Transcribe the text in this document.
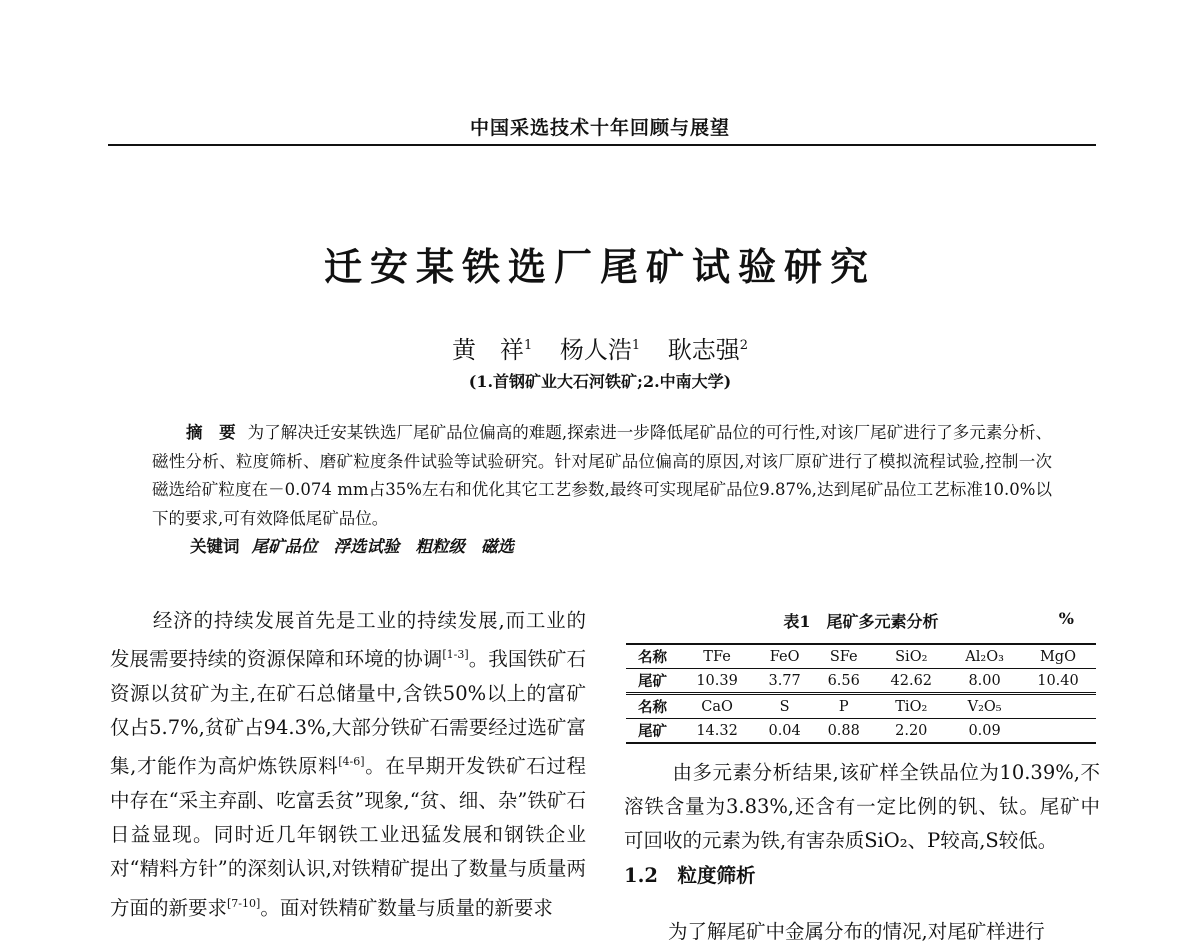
中国采选技术十年回顾与展望
迁安某铁选厂尾矿试验研究
黄　祥$^1$ 杨人浩$^1$ 耿志强$^2$
(1.首钢矿业大石河铁矿;2.中南大学)

摘　要 为了解决迁安某铁选厂尾矿品位偏高的难题,探索进一步降低尾矿品位的可行性,对该厂尾矿进行了多元素分析、磁性分析、粒度筛析、磨矿粒度条件试验等试验研究。针对尾矿品位偏高的原因,对该厂原矿进行了模拟流程试验,控制一次磁选给矿粒度在－0.074 mm占35%左右和优化其它工艺参数,最终可实现尾矿品位9.87%,达到尾矿品位工艺标准10.0%以下的要求,可有效降低尾矿品位。

关键词 尾矿品位 浮选试验 粗粒级 磁选

经济的持续发展首先是工业的持续发展,而工业的发展需要持续的资源保障和环境的协调[1-3]。我国铁矿石资源以贫矿为主,在矿石总储量中,含铁50%以上的富矿仅占5.7%,贫矿占94.3%,大部分铁矿石需要经过选矿富集,才能作为高炉炼铁原料[4-6]。在早期开发铁矿石过程中存在“采主弃副、吃富丢贫”现象,“贫、细、杂”铁矿石日益显现。同时近几年钢铁工业迅猛发展和钢铁企业对“精料方针”的深刻认识,对铁精矿提出了数量与质量两方面的新要求[7-10]。面对铁精矿数量与质量的新要求

表1　尾矿多元素分析	%
名称	TFe	FeO	SFe	SiO₂	Al₂O₃	MgO
尾矿	10.39	3.77	6.56	42.62	8.00	10.40
名称	CaO	S	P	TiO₂	V₂O₅	
尾矿	14.32	0.04	0.88	2.20	0.09	

由多元素分析结果,该矿样全铁品位为10.39%,不溶铁含量为3.83%,还含有一定比例的钒、钛。尾矿中可回收的元素为铁,有害杂质SiO₂、P较高,S较低。

1.2　 粒度筛析

为了解尾矿中金属分布的情况,对尾矿样进行
